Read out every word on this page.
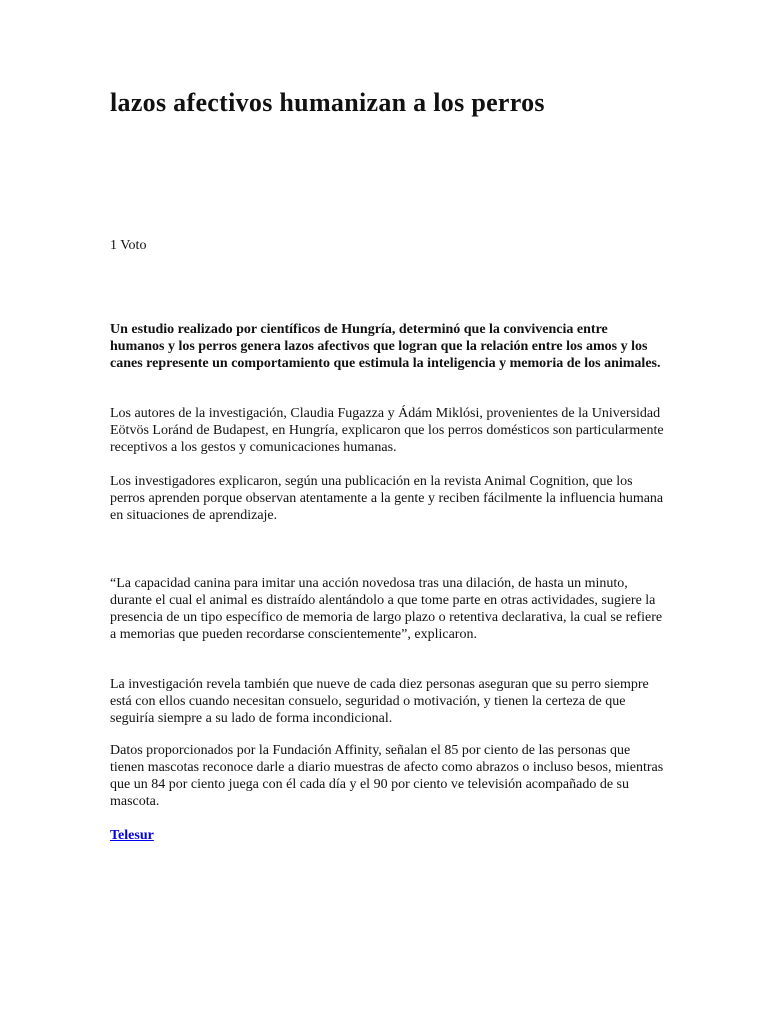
lazos afectivos humanizan a los perros
1 Voto

Un estudio realizado por científicos de Hungría, determinó que la convivencia entre humanos y los perros genera lazos afectivos que logran que la relación entre los amos y los canes represente un comportamiento que estimula la inteligencia y memoria de los animales.

Los autores de la investigación, Claudia Fugazza y Ádám Miklósi, provenientes de la Universidad Eötvös Loránd de Budapest, en Hungría, explicaron que los perros domésticos son particularmente receptivos a los gestos y comunicaciones humanas.

Los investigadores explicaron, según una publicación en la revista Animal Cognition, que los perros aprenden porque observan atentamente a la gente y reciben fácilmente la influencia humana en situaciones de aprendizaje.

“La capacidad canina para imitar una acción novedosa tras una dilación, de hasta un minuto, durante el cual el animal es distraído alentándolo a que tome parte en otras actividades, sugiere la presencia de un tipo específico de memoria de largo plazo o retentiva declarativa, la cual se refiere a memorias que pueden recordarse conscientemente”, explicaron.

La investigación revela también que nueve de cada diez personas aseguran que su perro siempre está con ellos cuando necesitan consuelo, seguridad o motivación, y tienen la certeza de que seguiría siempre a su lado de forma incondicional.

Datos proporcionados por la Fundación Affinity, señalan el 85 por ciento de las personas que tienen mascotas reconoce darle a diario muestras de afecto como abrazos o incluso besos, mientras que un 84 por ciento juega con él cada día y el 90 por ciento ve televisión acompañado de su mascota.

Telesur
